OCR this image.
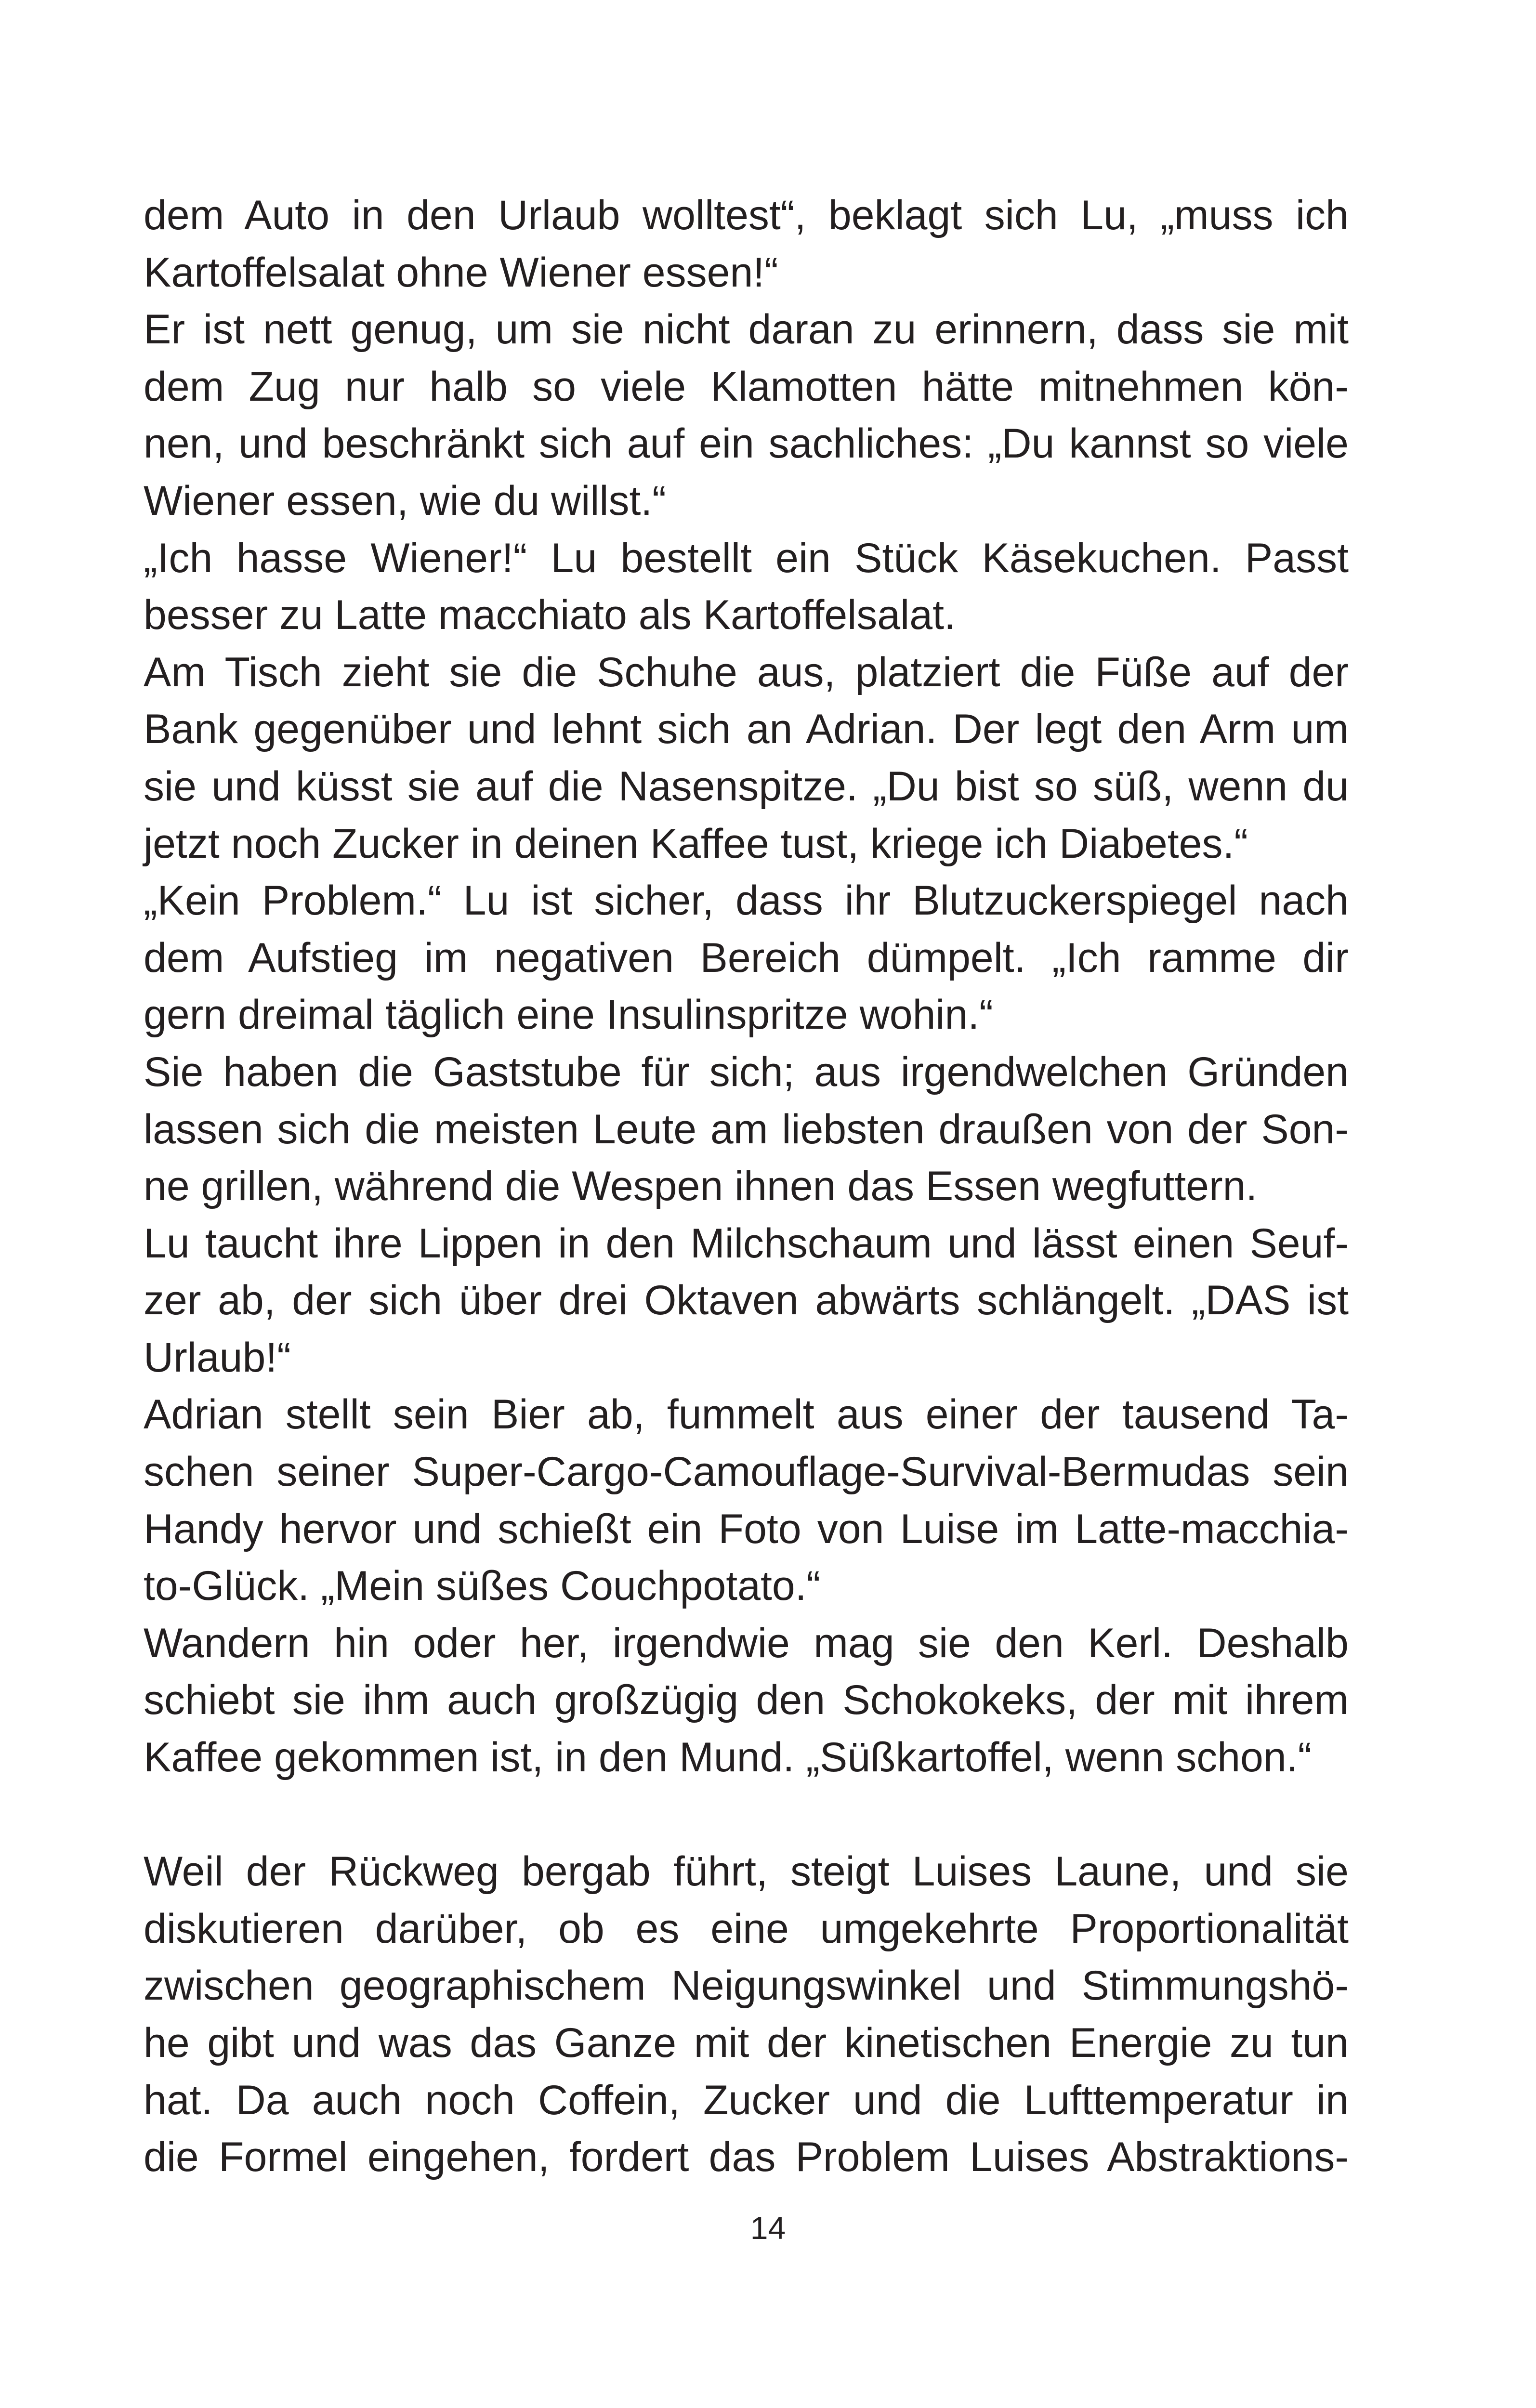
dem Auto in den Urlaub wolltest“, beklagt sich Lu, „muss ich
Kartoffelsalat ohne Wiener essen!“
Er ist nett genug, um sie nicht daran zu erinnern, dass sie mit
dem Zug nur halb so viele Klamotten hätte mitnehmen kön-
nen, und beschränkt sich auf ein sachliches: „Du kannst so viele
Wiener essen, wie du willst.“
„Ich hasse Wiener!“ Lu bestellt ein Stück Käsekuchen. Passt
besser zu Latte macchiato als Kartoffelsalat.
Am Tisch zieht sie die Schuhe aus, platziert die Füße auf der
Bank gegenüber und lehnt sich an Adrian. Der legt den Arm um
sie und küsst sie auf die Nasenspitze. „Du bist so süß, wenn du
jetzt noch Zucker in deinen Kaffee tust, kriege ich Diabetes.“
„Kein Problem.“ Lu ist sicher, dass ihr Blutzuckerspiegel nach
dem Aufstieg im negativen Bereich dümpelt. „Ich ramme dir
gern dreimal täglich eine Insulinspritze wohin.“
Sie haben die Gaststube für sich; aus irgendwelchen Gründen
lassen sich die meisten Leute am liebsten draußen von der Son-
ne grillen, während die Wespen ihnen das Essen wegfuttern.
Lu taucht ihre Lippen in den Milchschaum und lässt einen Seuf-
zer ab, der sich über drei Oktaven abwärts schlängelt. „DAS ist
Urlaub!“
Adrian stellt sein Bier ab, fummelt aus einer der tausend Ta-
schen seiner Super-Cargo-Camouflage-Survival-Bermudas sein
Handy hervor und schießt ein Foto von Luise im Latte-macchia-
to-Glück. „Mein süßes Couchpotato.“
Wandern hin oder her, irgendwie mag sie den Kerl. Deshalb
schiebt sie ihm auch großzügig den Schokokeks, der mit ihrem
Kaffee gekommen ist, in den Mund. „Süßkartoffel, wenn schon.“
Weil der Rückweg bergab führt, steigt Luises Laune, und sie
diskutieren darüber, ob es eine umgekehrte Proportionalität
zwischen geographischem Neigungswinkel und Stimmungshö-
he gibt und was das Ganze mit der kinetischen Energie zu tun
hat. Da auch noch Coffein, Zucker und die Lufttemperatur in
die Formel eingehen, fordert das Problem Luises Abstraktions-
14
